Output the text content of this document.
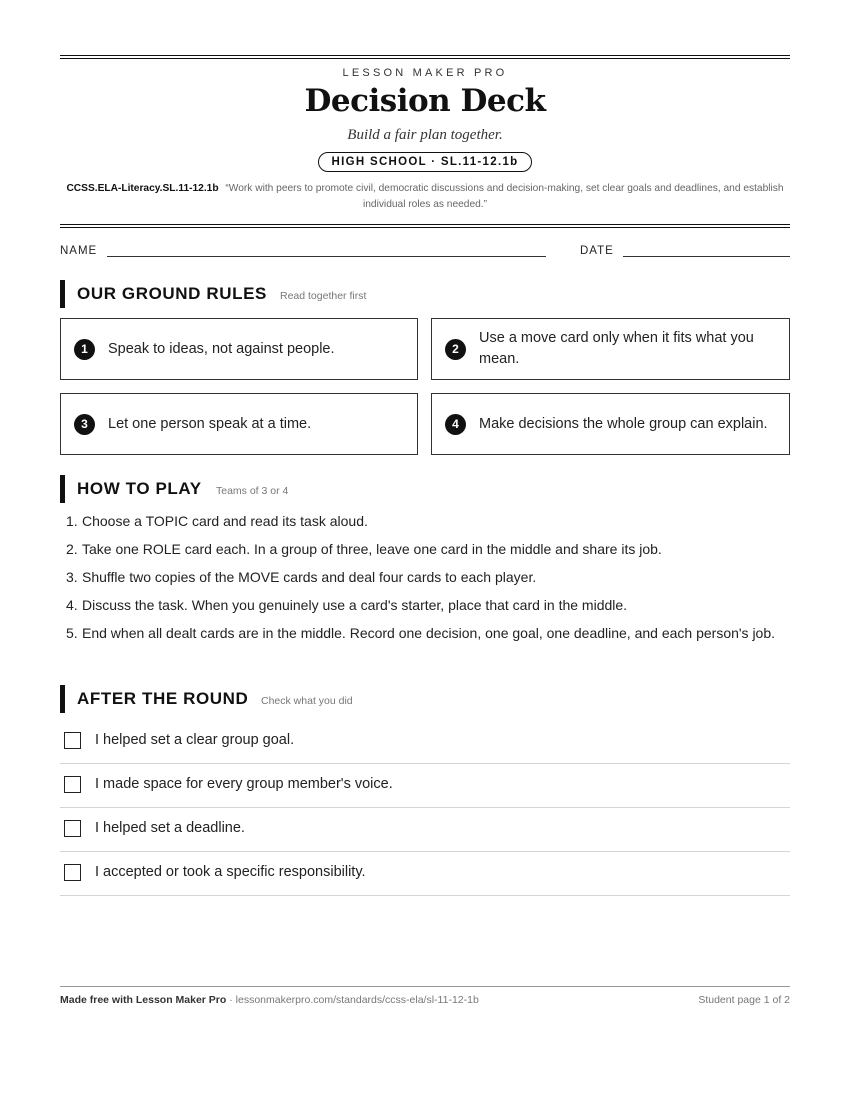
LESSON MAKER PRO
Decision Deck
Build a fair plan together.
HIGH SCHOOL · SL.11-12.1b
CCSS.ELA-Literacy.SL.11-12.1b “Work with peers to promote civil, democratic discussions and decision-making, set clear goals and deadlines, and establish individual roles as needed.”
NAME	DATE
OUR GROUND RULES Read together first
1	Speak to ideas, not against people.	2
Use a move card only when it fits what you mean.
3	Let one person speak at a time.	4	Make decisions the whole group can explain.
HOW TO PLAY Teams of 3 or 4
1. Choose a TOPIC card and read its task aloud.
2. Take one ROLE card each. In a group of three, leave one card in the middle and share its job.
3. Shuffle two copies of the MOVE cards and deal four cards to each player.
4. Discuss the task. When you genuinely use a card's starter, place that card in the middle.
5. End when all dealt cards are in the middle. Record one decision, one goal, one deadline, and each person's job.
AFTER THE ROUND Check what you did
I helped set a clear group goal.
I made space for every group member's voice.
I helped set a deadline.
I accepted or took a specific responsibility.
Made free with Lesson Maker Pro · lessonmakerpro.com/standards/ccss-ela/sl-11-12-1b	Student page 1 of 2
